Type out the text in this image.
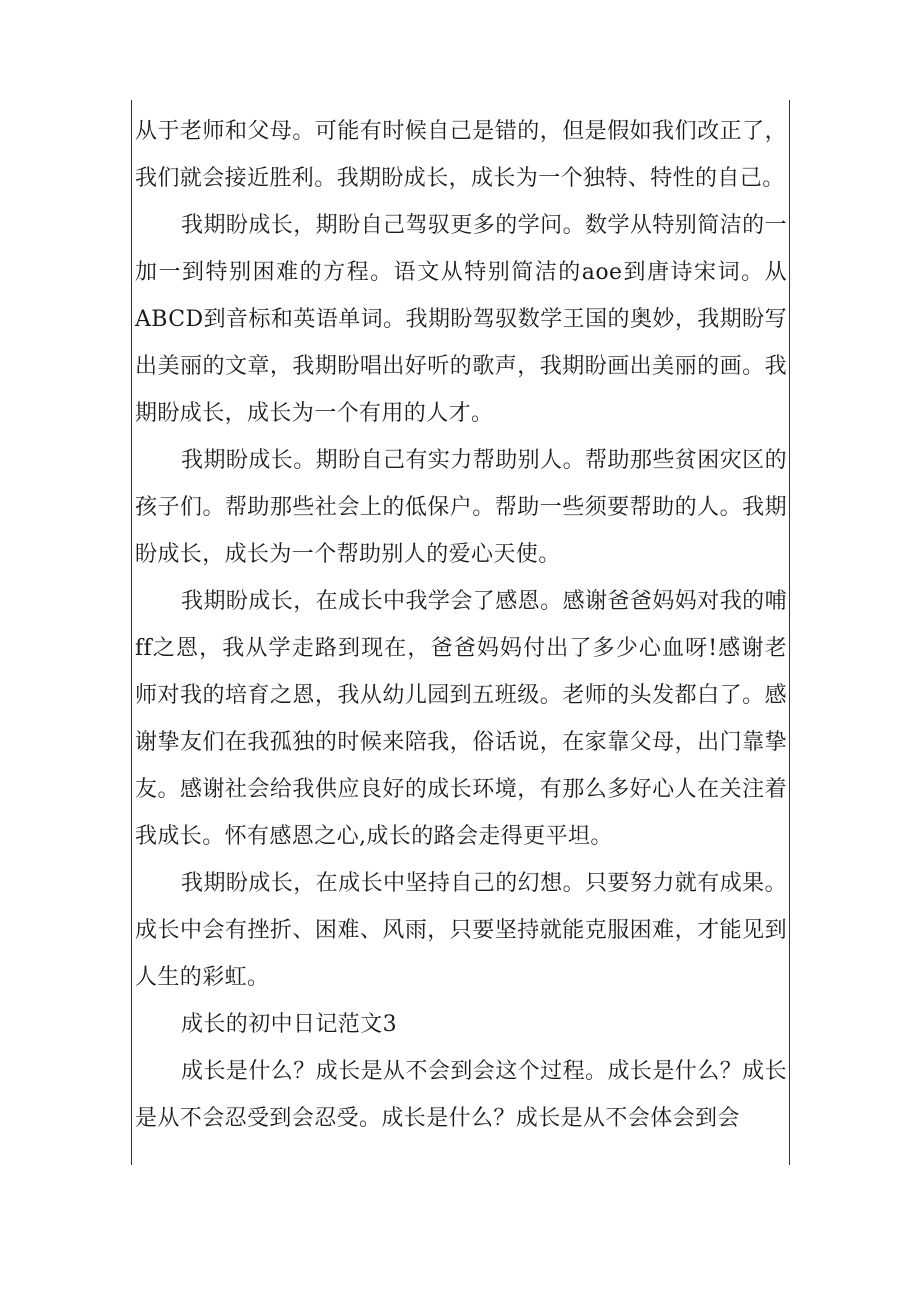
从于老师和父母。可能有时候自己是错的，但是假如我们改正了，我们就会接近胜利。我期盼成长，成长为一个独特、特性的自己。

我期盼成长，期盼自己驾驭更多的学问。数学从特别简洁的一加一到特别困难的方程。语文从特别简洁的aoe到唐诗宋词。从ABCD到音标和英语单词。我期盼驾驭数学王国的奥妙，我期盼写出美丽的文章，我期盼唱出好听的歌声，我期盼画出美丽的画。我期盼成长，成长为一个有用的人才。

我期盼成长。期盼自己有实力帮助别人。帮助那些贫困灾区的孩子们。帮助那些社会上的低保户。帮助一些须要帮助的人。我期盼成长，成长为一个帮助别人的爱心天使。

我期盼成长，在成长中我学会了感恩。感谢爸爸妈妈对我的哺ff之恩，我从学走路到现在，爸爸妈妈付出了多少心血呀!感谢老师对我的培育之恩，我从幼儿园到五班级。老师的头发都白了。感谢挚友们在我孤独的时候来陪我，俗话说，在家靠父母，出门靠挚友。感谢社会给我供应良好的成长环境，有那么多好心人在关注着我成长。怀有感恩之心,成长的路会走得更平坦。

我期盼成长，在成长中坚持自己的幻想。只要努力就有成果。成长中会有挫折、困难、风雨，只要坚持就能克服困难，才能见到人生的彩虹。

成长的初中日记范文3

成长是什么？成长是从不会到会这个过程。成长是什么？成长是从不会忍受到会忍受。成长是什么？成长是从不会体会到会
